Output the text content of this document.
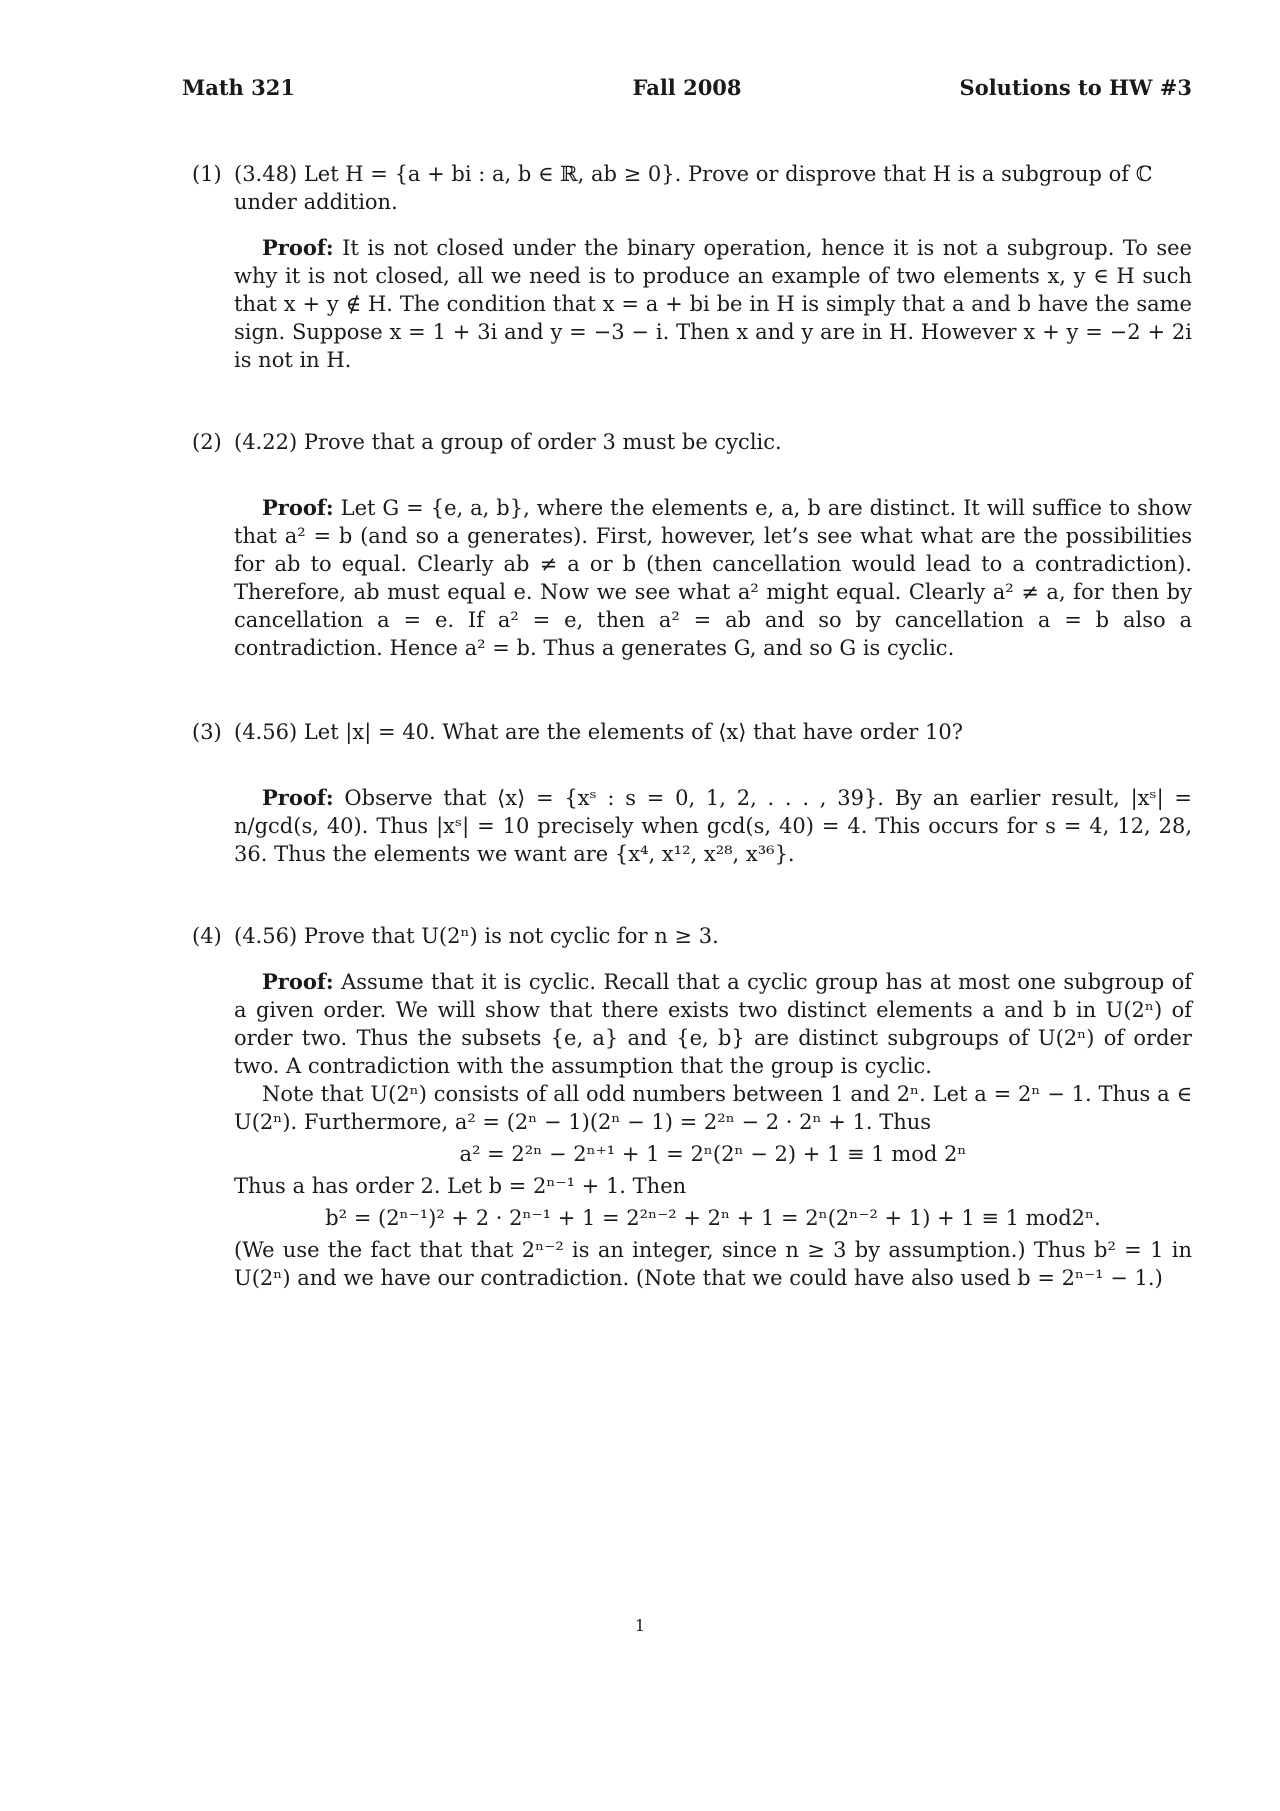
Math 321	Fall 2008	Solutions to HW #3
(1) (3.48) Let H = {a + bi : a, b ∈ ℝ, ab ≥ 0}. Prove or disprove that H is a subgroup of ℂ under addition.

Proof: It is not closed under the binary operation, hence it is not a subgroup. To see why it is not closed, all we need is to produce an example of two elements x, y ∈ H such that x + y ∉ H. The condition that x = a + bi be in H is simply that a and b have the same sign. Suppose x = 1 + 3i and y = −3 − i. Then x and y are in H. However x + y = −2 + 2i is not in H.

(2) (4.22) Prove that a group of order 3 must be cyclic.

Proof: Let G = {e, a, b}, where the elements e, a, b are distinct. It will suffice to show that a² = b (and so a generates). First, however, let’s see what what are the possibilities for ab to equal. Clearly ab ≠ a or b (then cancellation would lead to a contradiction). Therefore, ab must equal e. Now we see what a² might equal. Clearly a² ≠ a, for then by cancellation a = e. If a² = e, then a² = ab and so by cancellation a = b also a contradiction. Hence a² = b. Thus a generates G, and so G is cyclic.

(3) (4.56) Let |x| = 40. What are the elements of ⟨x⟩ that have order 10?

Proof: Observe that ⟨x⟩ = {xˢ : s = 0, 1, 2, . . . , 39}. By an earlier result, |xˢ| = n/gcd(s, 40). Thus |xˢ| = 10 precisely when gcd(s, 40) = 4. This occurs for s = 4, 12, 28, 36. Thus the elements we want are {x⁴, x¹², x²⁸, x³⁶}.

(4) (4.56) Prove that U(2ⁿ) is not cyclic for n ≥ 3.

Proof: Assume that it is cyclic. Recall that a cyclic group has at most one subgroup of a given order. We will show that there exists two distinct elements a and b in U(2ⁿ) of order two. Thus the subsets {e, a} and {e, b} are distinct subgroups of U(2ⁿ) of order two. A contradiction with the assumption that the group is cyclic.

Note that U(2ⁿ) consists of all odd numbers between 1 and 2ⁿ. Let a = 2ⁿ − 1. Thus a ∈ U(2ⁿ). Furthermore, a² = (2ⁿ − 1)(2ⁿ − 1) = 2²ⁿ − 2 · 2ⁿ + 1. Thus

a² = 2²ⁿ − 2ⁿ⁺¹ + 1 = 2ⁿ(2ⁿ − 2) + 1 ≡ 1 mod 2ⁿ

Thus a has order 2. Let b = 2ⁿ⁻¹ + 1. Then

b² = (2ⁿ⁻¹)² + 2 · 2ⁿ⁻¹ + 1 = 2²ⁿ⁻² + 2ⁿ + 1 = 2ⁿ(2ⁿ⁻² + 1) + 1 ≡ 1 mod2ⁿ.

(We use the fact that that 2ⁿ⁻² is an integer, since n ≥ 3 by assumption.) Thus b² = 1 in U(2ⁿ) and we have our contradiction. (Note that we could have also used b = 2ⁿ⁻¹ − 1.)

1
